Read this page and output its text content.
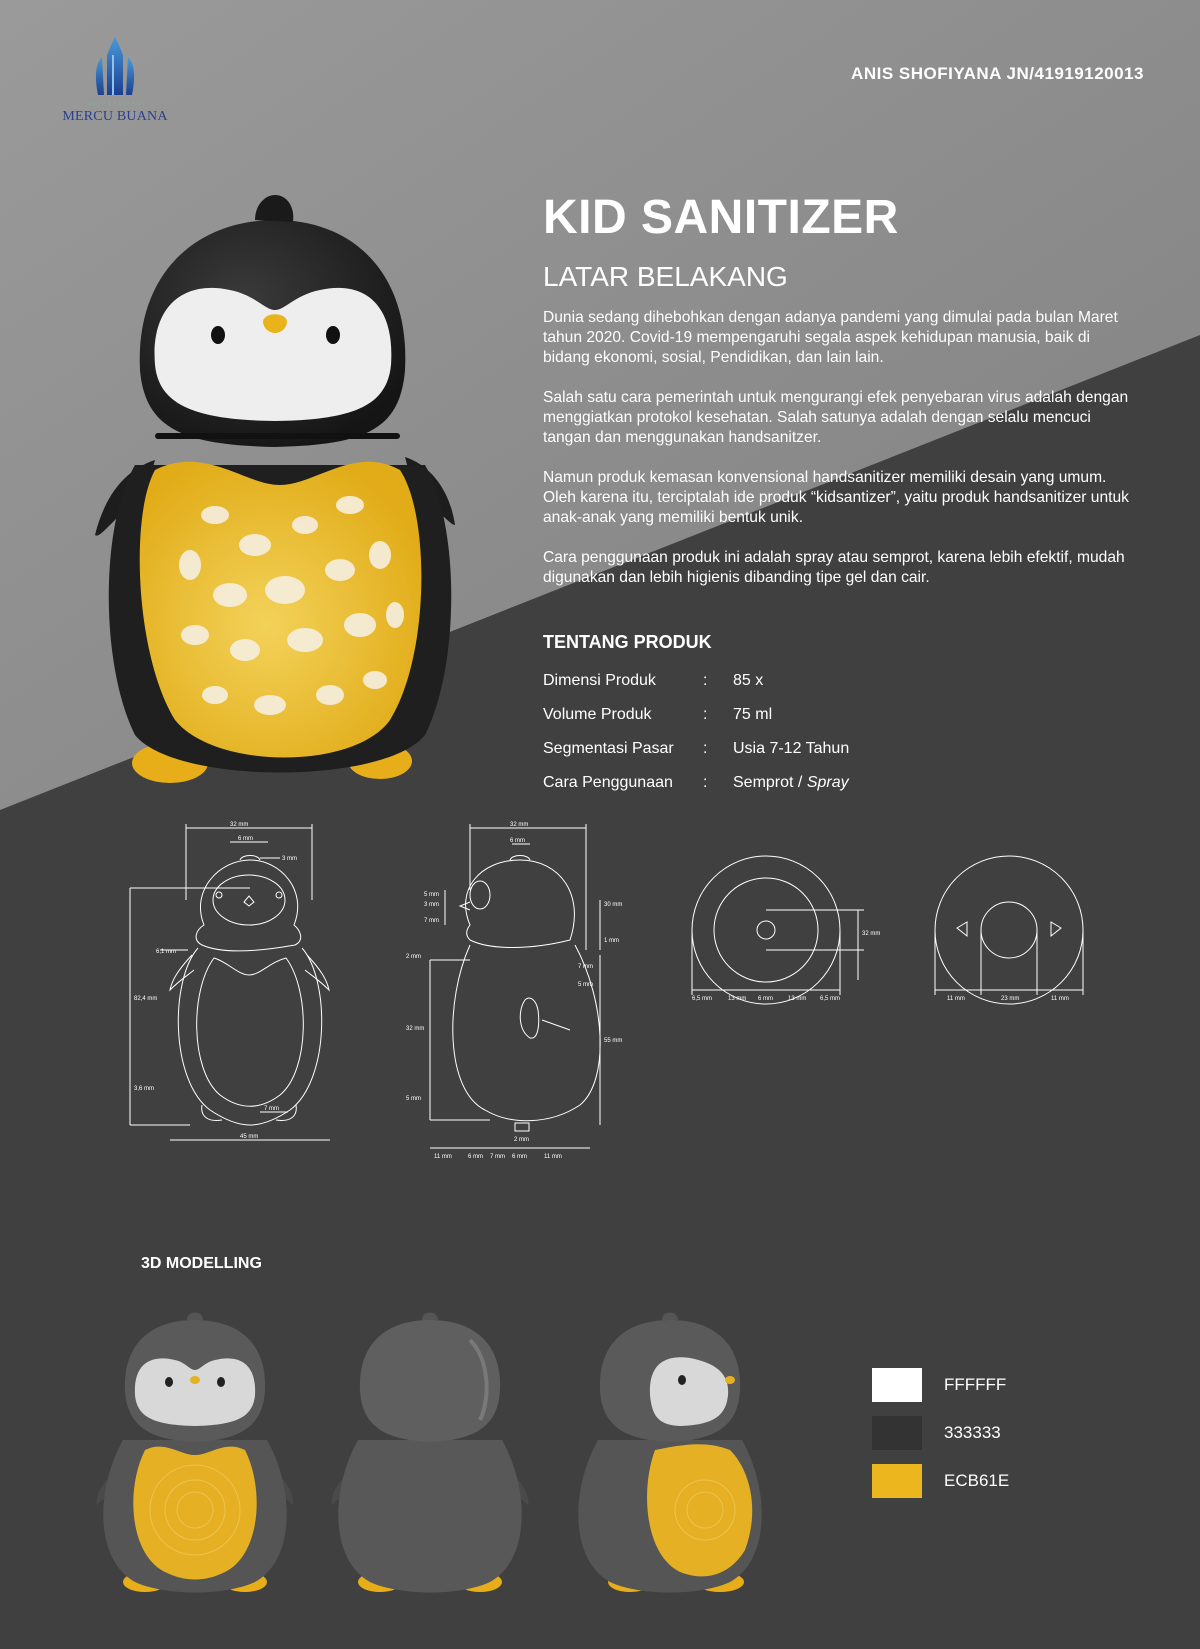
UNIVERSITAS
MERCU BUANA
ANIS SHOFIYANA JN/41919120013
KID SANITIZER
LATAR BELAKANG

Dunia sedang dihebohkan dengan adanya pandemi yang dimulai pada bulan Maret tahun 2020. Covid-19 mempengaruhi segala aspek kehidupan manusia, baik di bidang ekonomi, sosial, Pendidikan, dan lain lain.

Salah satu cara pemerintah untuk mengurangi efek penyebaran virus adalah dengan menggiatkan protokol kesehatan. Salah satunya adalah dengan selalu mencuci tangan dan menggunakan handsanitzer.

Namun produk kemasan konvensional handsanitizer memiliki desain yang umum. Oleh karena itu, terciptalah ide produk “kidsantizer”, yaitu produk handsanitizer untuk anak-anak yang memiliki bentuk unik.

Cara penggunaan produk ini adalah spray atau semprot, karena lebih efektif, mudah digunakan dan lebih higienis dibanding tipe gel dan cair.

TENTANG PRODUK
Dimensi Produk	:	85 x
Volume Produk	:	75 ml
Segmentasi Pasar	:	Usia 7-12 Tahun
Cara Penggunaan	:	Semprot / Spray
32 mm
6 mm
3 mm
6,1 mm
82,4 mm
3,6 mm
7 mm
45 mm
32 mm
6 mm
5 mm
3 mm
7 mm
30 mm
1 mm
2 mm
32 mm
5 mm
7 mm
5 mm
55 mm
2 mm
11 mm	6 mm 7 mm 6 mm	11 mm
32 mm
6,5 mm	13 mm 6 mm	13 mm 6,5 mm	11 mm	23 mm	11 mm
3D MODELLING
FFFFFF
333333
ECB61E
